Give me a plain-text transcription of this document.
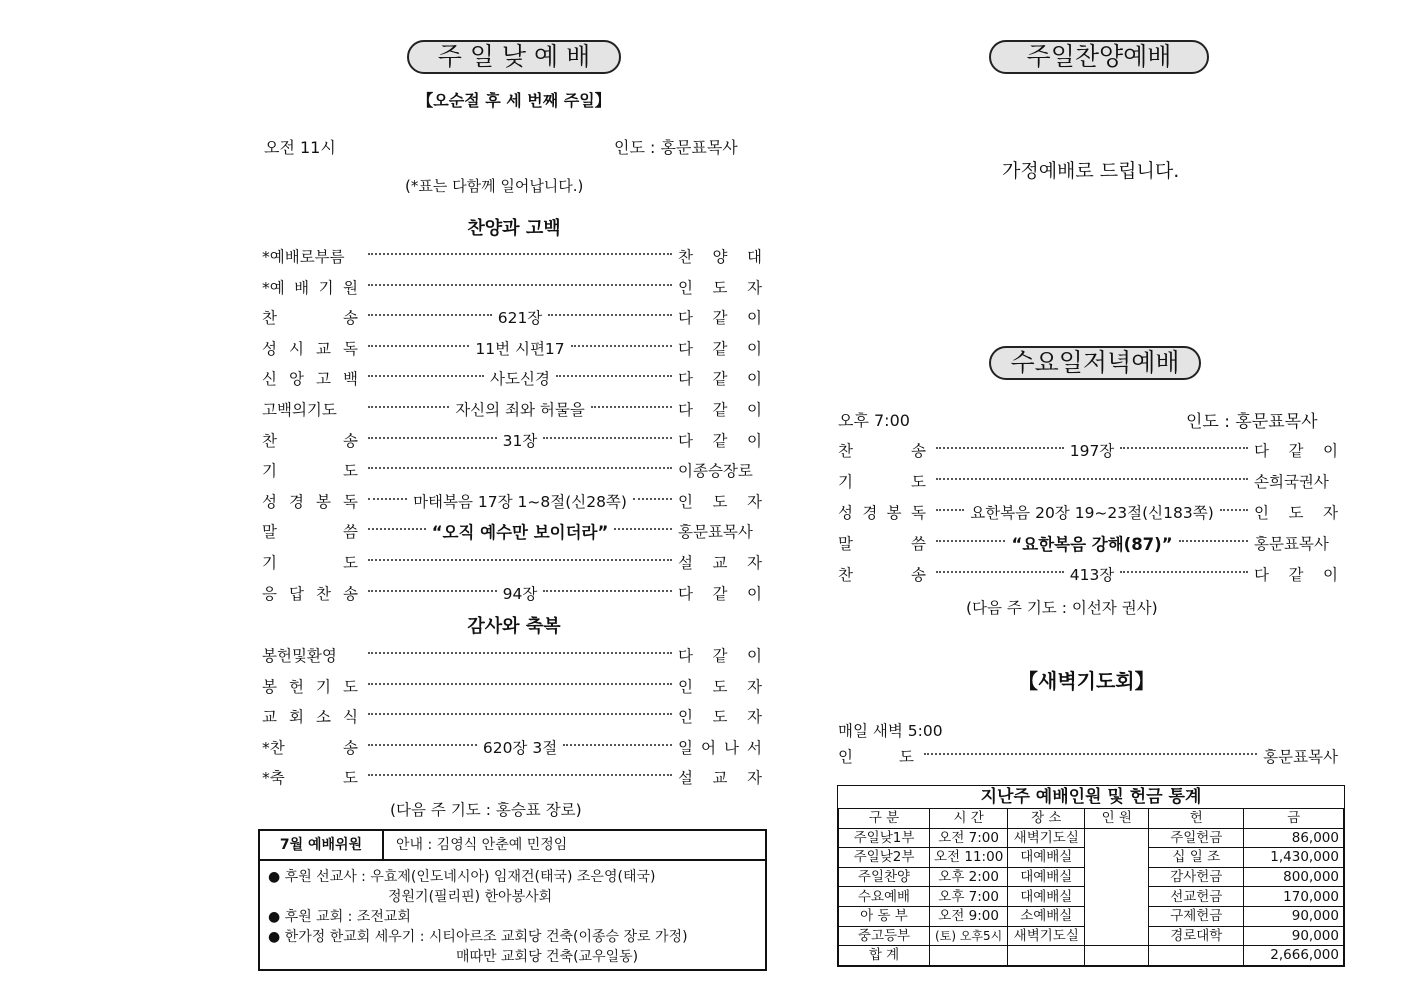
주 일 낮 예 배
【오순절 후 세 번째 주일】
오전 11시	인도 : 홍문표목사
(*표는 다함께 일어납니다.)
찬양과 고백
*예배로부름	찬 양 대
*예 배 기 원	인 도 자
찬 송	621장	다 같 이
성 시 교 독	11번 시편17	다 같 이
신 앙 고 백	사도신경	다 같 이
고백의기도	자신의 죄와 허물을	다 같 이
찬 송	31장	다 같 이
기 도	이종승장로
성 경 봉 독	마태복음 17장 1~8절(신28쪽)	인 도 자
말 씀	“오직 예수만 보이더라”	홍문표목사
기 도	설 교 자
응 답 찬 송	94장	다 같 이
감사와 축복
봉헌및환영	다 같 이
봉 헌 기 도	인 도 자
교 회 소 식	인 도 자
*찬 송	620장 3절	일 어 나 서
*축 도	설 교 자
(다음 주 기도 : 홍승표 장로)
7월 예배위원	안내 : 김영식 안춘예 민정임
● 후원 선교사 : 우효제(인도네시아) 임재건(태국) 조은영(태국)
정원기(필리핀) 한아봉사회
● 후원 교회 : 조전교회
● 한가정 한교회 세우기 : 시티아르조 교회당 건축(이종승 장로 가정)
매따만 교회당 건축(교우일동)
주일찬양예배
가정예배로 드립니다.
수요일저녁예배
오후 7:00	인도 : 홍문표목사
찬 송	197장	다 같 이
기 도	손희국권사
성 경 봉 독	요한복음 20장 19~23절(신183쪽)	인 도 자
말 씀	“요한복음 강해(87)”	홍문표목사
찬 송	413장	다 같 이
(다음 주 기도 : 이선자 권사)
【새벽기도회】
매일 새벽 5:00
인 도	홍문표목사
지난주 예배인원 및 헌금 통계
구 분	시 간	장 소	인 원	헌	금
주일낮1부	오전 7:00	새벽기도실		주일헌금	86,000
주일낮2부	오전 11:00	대예배실		십 일 조	1,430,000
주일찬양	오후 2:00	대예배실		감사헌금	800,000
수요예배	오후 7:00	대예배실		선교헌금	170,000
아 동 부	오전 9:00	소예배실		구제헌금	90,000
중고등부	(토) 오후5시	새벽기도실		경로대학	90,000
합 계					2,666,000
